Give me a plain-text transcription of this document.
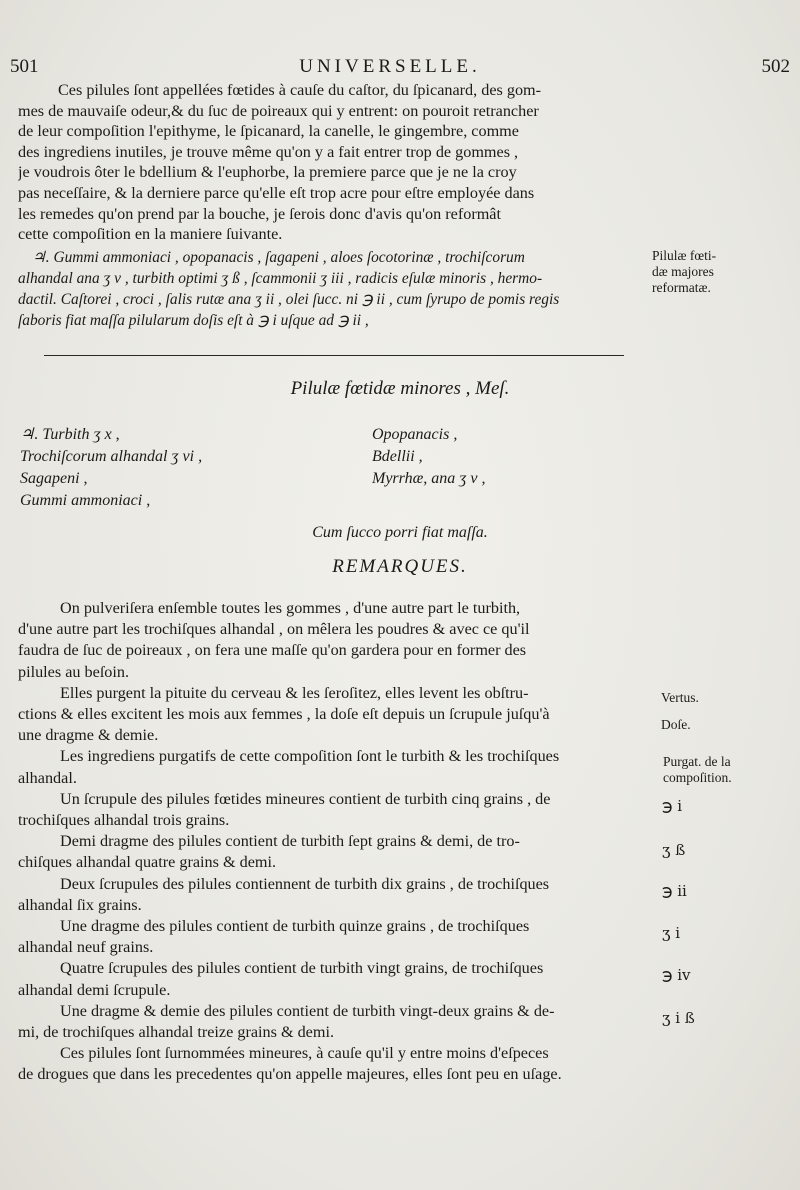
501	UNIVERSELLE.	502
Ces pilules ſont appellées fœtides à cauſe du caſtor, du ſpicanard, des gom-
mes de mauvaiſe odeur,& du ſuc de poireaux qui y entrent: on pouroit retrancher
de leur compoſition l'epithyme, le ſpicanard, la canelle, le gingembre, comme
des ingrediens inutiles, je trouve même qu'on y a fait entrer trop de gommes ,
je voudrois ôter le bdellium & l'euphorbe, la premiere parce que je ne la croy
pas neceſſaire, & la derniere parce qu'elle eſt trop acre pour eſtre employée dans
les remedes qu'on prend par la bouche, je ſerois donc d'avis qu'on reformât
cette compoſition en la maniere ſuivante.
♃. Gummi ammoniaci , opopanacis , ſagapeni , aloes ſocotorinæ , trochiſcorum
alhandal ana ʒ v , turbith optimi ʒ ß , ſcammonii ʒ iii , radicis eſulæ minoris , hermo-
dactil. Caſtorei , croci , ſalis rutæ ana ʒ ii , olei ſucc. ni ℈ ii , cum ſyrupo de pomis regis
ſaboris fiat maſſa pilularum doſis eſt à ℈ i uſque ad ℈ ii ,
Pilulæ fœti-
dæ majores
reformatæ.
Pilulæ fœtidæ minores , Meſ.
♃. Turbith ʒ x ,
Trochiſcorum alhandal ʒ vi ,
Sagapeni ,
Gummi ammoniaci ,
Opopanacis ,
Bdellii ,
Myrrhæ, ana ʒ v ,
Cum ſucco porri fiat maſſa.
REMARQUES.
On pulveriſera enſemble toutes les gommes , d'une autre part le turbith,
d'une autre part les trochiſques alhandal , on mêlera les poudres & avec ce qu'il
faudra de ſuc de poireaux , on fera une maſſe qu'on gardera pour en former des
pilules au beſoin.
Elles purgent la pituite du cerveau & les ſeroſitez, elles levent les obſtru-
ctions & elles excitent les mois aux femmes , la doſe eſt depuis un ſcrupule juſqu'à
une dragme & demie.
Les ingrediens purgatifs de cette compoſition ſont le turbith & les trochiſques
alhandal.
Un ſcrupule des pilules fœtides mineures contient de turbith cinq grains , de
trochiſques alhandal trois grains.
Demi dragme des pilules contient de turbith ſept grains & demi, de tro-
chiſques alhandal quatre grains & demi.
Deux ſcrupules des pilules contiennent de turbith dix grains , de trochiſques
alhandal ſix grains.
Une dragme des pilules contient de turbith quinze grains , de trochiſques
alhandal neuf grains.
Quatre ſcrupules des pilules contient de turbith vingt grains, de trochiſques
alhandal demi ſcrupule.
Une dragme & demie des pilules contient de turbith vingt-deux grains & de-
mi, de trochiſques alhandal treize grains & demi.
Ces pilules ſont ſurnommées mineures, à cauſe qu'il y entre moins d'eſpeces
de drogues que dans les precedentes qu'on appelle majeures, elles ſont peu en uſage.
Vertus.
Doſe.
Purgat. de la
compoſition.
℈ i
ʒ ß
℈ ii
ʒ i
℈ iv
ʒ i ß
